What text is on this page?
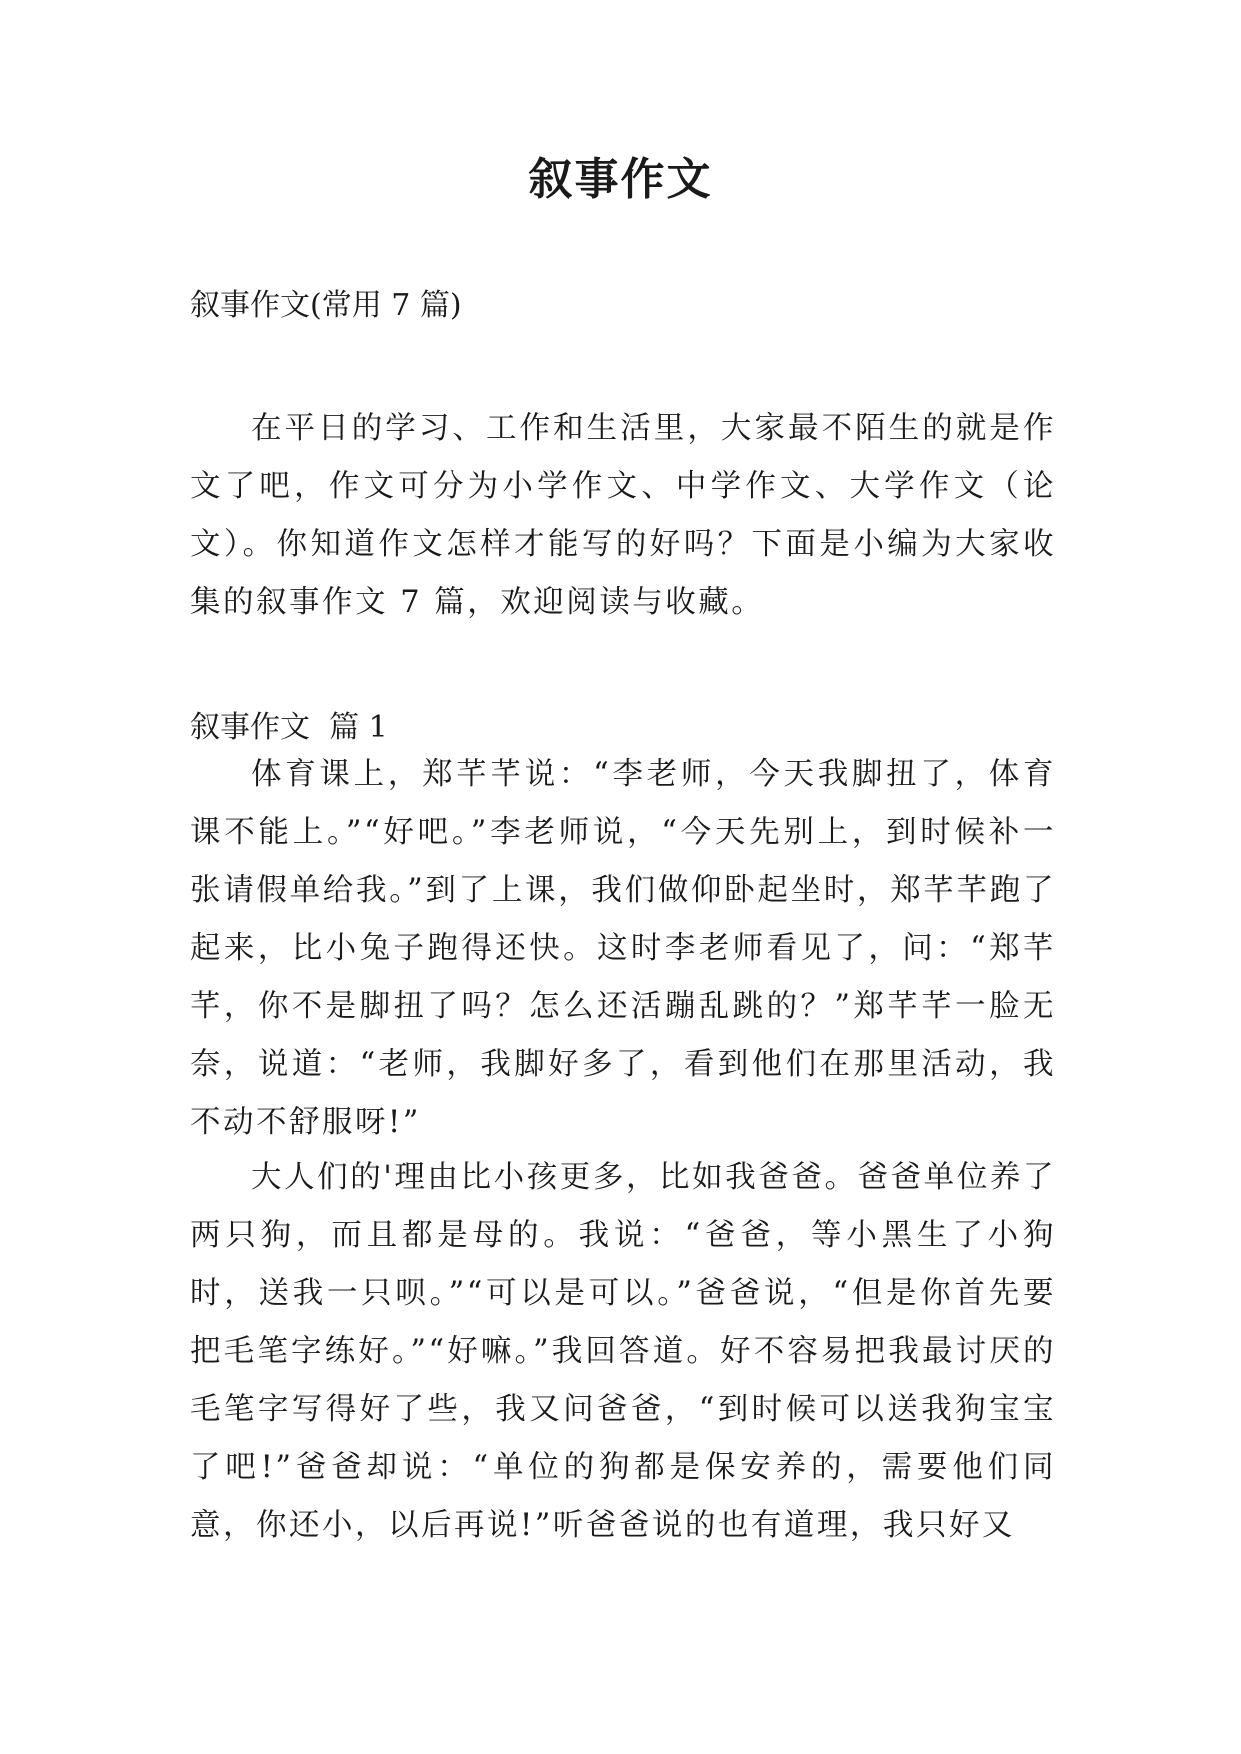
叙事作文

叙事作文(常用 7 篇)

在平日的学习、工作和生活里，大家最不陌生的就是作文了吧，作文可分为小学作文、中学作文、大学作文（论文）。你知道作文怎样才能写的好吗？下面是小编为大家收集的叙事作文 7 篇，欢迎阅读与收藏。

叙事作文  篇 1

体育课上，郑芊芊说：“李老师，今天我脚扭了，体育课不能上。”“好吧。”李老师说，“今天先别上，到时候补一张请假单给我。”到了上课，我们做仰卧起坐时，郑芊芊跑了起来，比小兔子跑得还快。这时李老师看见了，问：“郑芊芊，你不是脚扭了吗？怎么还活蹦乱跳的？”郑芊芊一脸无奈，说道：“老师，我脚好多了，看到他们在那里活动，我不动不舒服呀!”

大人们的'理由比小孩更多，比如我爸爸。爸爸单位养了两只狗，而且都是母的。我说：“爸爸，等小黑生了小狗时，送我一只呗。”“可以是可以。”爸爸说，“但是你首先要把毛笔字练好。”“好嘛。”我回答道。好不容易把我最讨厌的毛笔字写得好了些，我又问爸爸，“到时候可以送我狗宝宝了吧!”爸爸却说：“单位的狗都是保安养的，需要他们同意，你还小，以后再说!”听爸爸说的也有道理，我只好又
